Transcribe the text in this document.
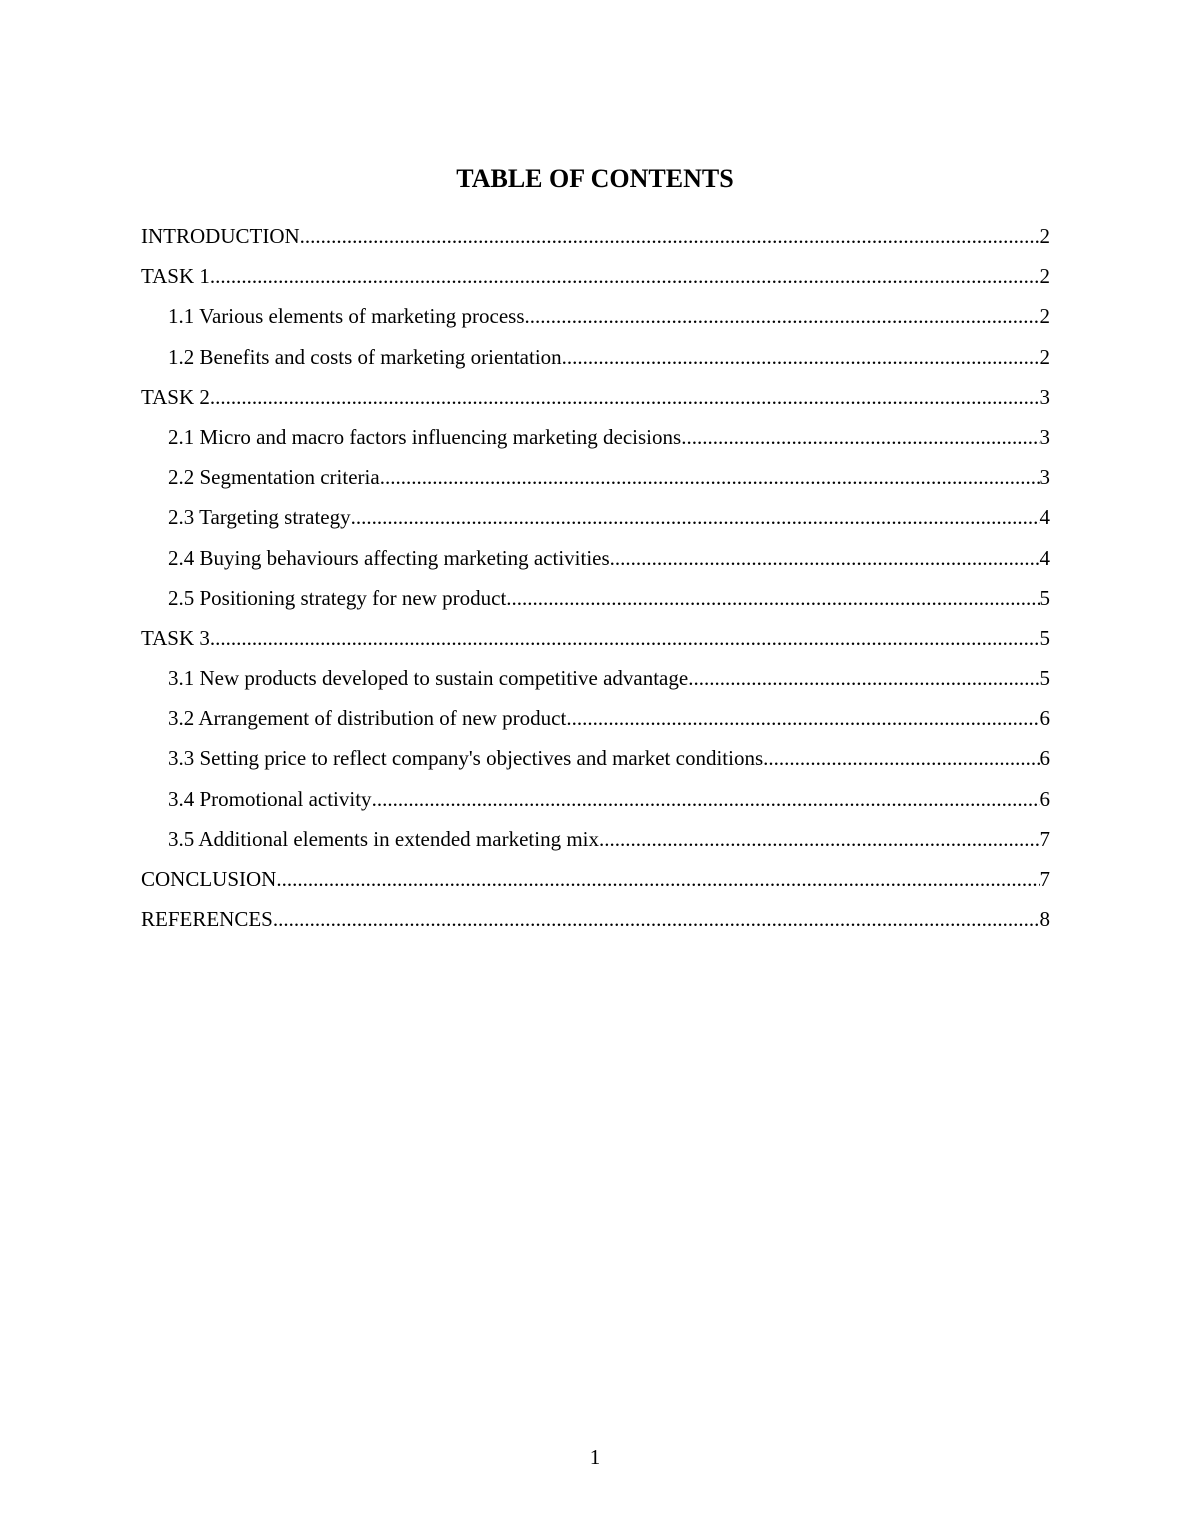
TABLE OF CONTENTS
INTRODUCTION .....	2
TASK 1 .....	2
1.1 Various elements of marketing process .....	2
1.2 Benefits and costs of marketing orientation .....	2
TASK 2 .....	3
2.1 Micro and macro factors influencing marketing decisions .....	3
2.2 Segmentation criteria .....	3
2.3 Targeting strategy .....	4
2.4 Buying behaviours affecting marketing activities .....	4
2.5 Positioning strategy for new product .....	5
TASK 3 .....	5
3.1 New products developed to sustain competitive advantage .....	5
3.2 Arrangement of distribution of new product .....	6
3.3 Setting price to reflect company's objectives and market conditions .....	6
3.4 Promotional activity .....	6
3.5 Additional elements in extended marketing mix .....	7
CONCLUSION .....	7
REFERENCES .....	8
1
